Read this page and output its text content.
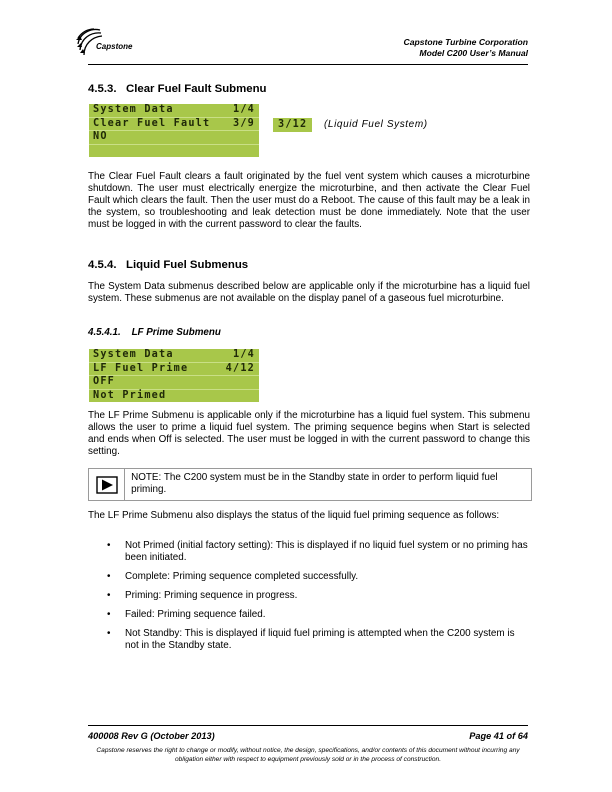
Capstone	Capstone Turbine Corporation
Model C200 User’s Manual
4.5.3.   Clear Fuel Fault Submenu
System Data	1/4
Clear Fuel Fault 3/9
NO
3/12	(Liquid Fuel System)

The Clear Fuel Fault clears a fault originated by the fuel vent system which causes a microturbine shutdown. The user must electrically energize the microturbine, and then activate the Clear Fuel Fault which clears the fault. Then the user must do a Reboot. The cause of this fault may be a leak in the system, so troubleshooting and leak detection must be done immediately. Note that the user must be logged in with the current password to clear the faults.

4.5.4.   Liquid Fuel Submenus

The System Data submenus described below are applicable only if the microturbine has a liquid fuel system. These submenus are not available on the display panel of a gaseous fuel microturbine.

4.5.4.1.    LF Prime Submenu
System Data	1/4
LF Fuel Prime	4/12
OFF
Not Primed

The LF Prime Submenu is applicable only if the microturbine has a liquid fuel system. This submenu allows the user to prime a liquid fuel system. The priming sequence begins when Start is selected and ends when Off is selected. The user must be logged in with the current password to change this setting.

NOTE: The C200 system must be in the Standby state in order to perform liquid fuel priming.

The LF Prime Submenu also displays the status of the liquid fuel priming sequence as follows:

• Not Primed (initial factory setting): This is displayed if no liquid fuel system or no priming has been initiated.
• Complete: Priming sequence completed successfully.
• Priming: Priming sequence in progress.
• Failed: Priming sequence failed.
• Not Standby: This is displayed if liquid fuel priming is attempted when the C200 system is not in the Standby state.
400008 Rev G (October 2013)	Page 41 of 64
Capstone reserves the right to change or modify, without notice, the design, specifications, and/or contents of this document without incurring any obligation either with respect to equipment previously sold or in the process of construction.
